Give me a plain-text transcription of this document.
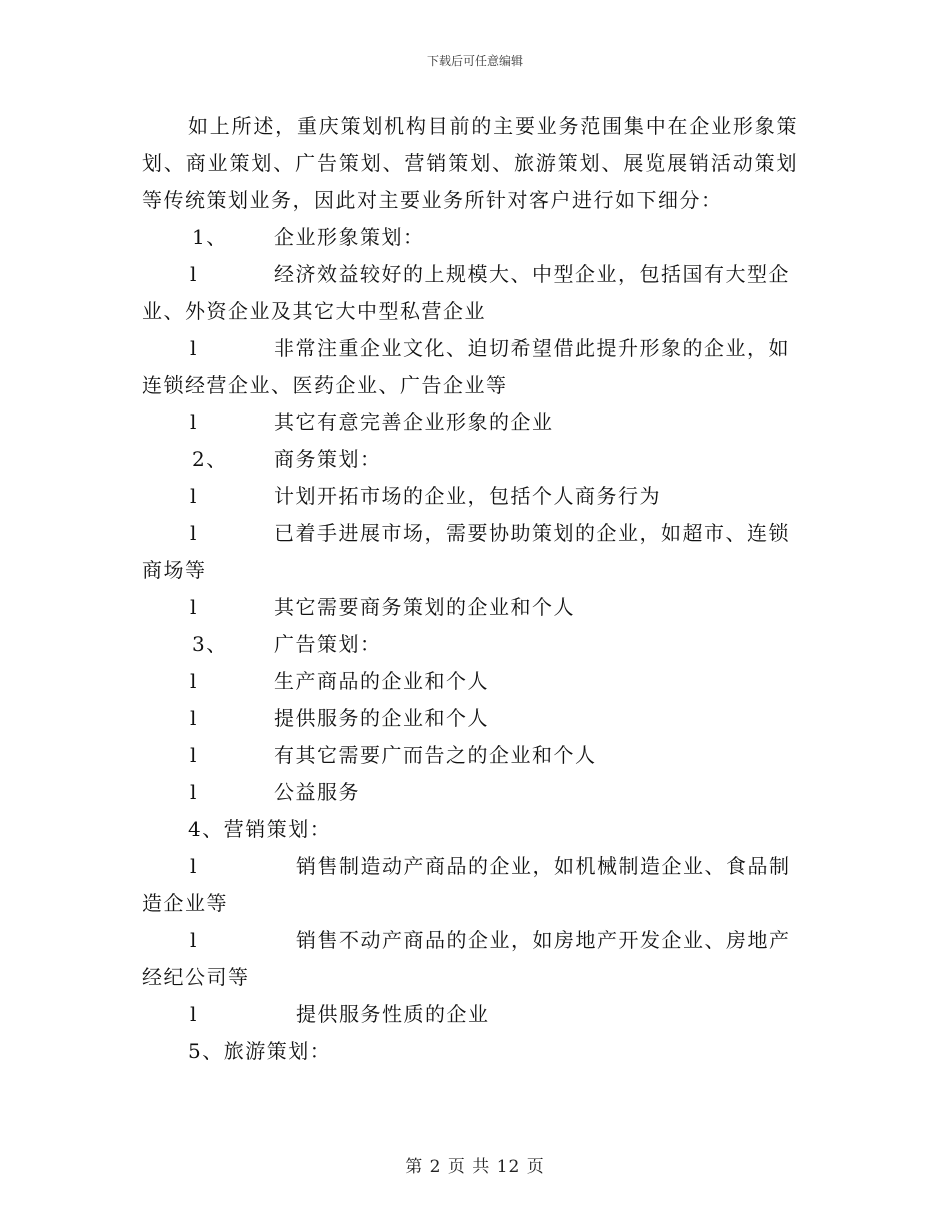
下载后可任意编辑
如上所述，重庆策划机构目前的主要业务范围集中在企业形象策
划、商业策划、广告策划、营销策划、旅游策划、展览展销活动策划
等传统策划业务，因此对主要业务所针对客户进行如下细分：
1、 企业形象策划：
l	经济效益较好的上规模大、中型企业，包括国有大型企
业、外资企业及其它大中型私营企业
l	非常注重企业文化、迫切希望借此提升形象的企业，如
连锁经营企业、医药企业、广告企业等
l	其它有意完善企业形象的企业
2、 商务策划：
l	计划开拓市场的企业，包括个人商务行为
l	已着手进展市场，需要协助策划的企业，如超市、连锁
商场等
l	其它需要商务策划的企业和个人
3、 广告策划：
l	生产商品的企业和个人
l	提供服务的企业和个人
l	有其它需要广而告之的企业和个人
l	公益服务
4、营销策划：
l	销售制造动产商品的企业，如机械制造企业、食品制
造企业等
l	销售不动产商品的企业，如房地产开发企业、房地产
经纪公司等
l	提供服务性质的企业
5、旅游策划：
第 2 页 共 12 页
